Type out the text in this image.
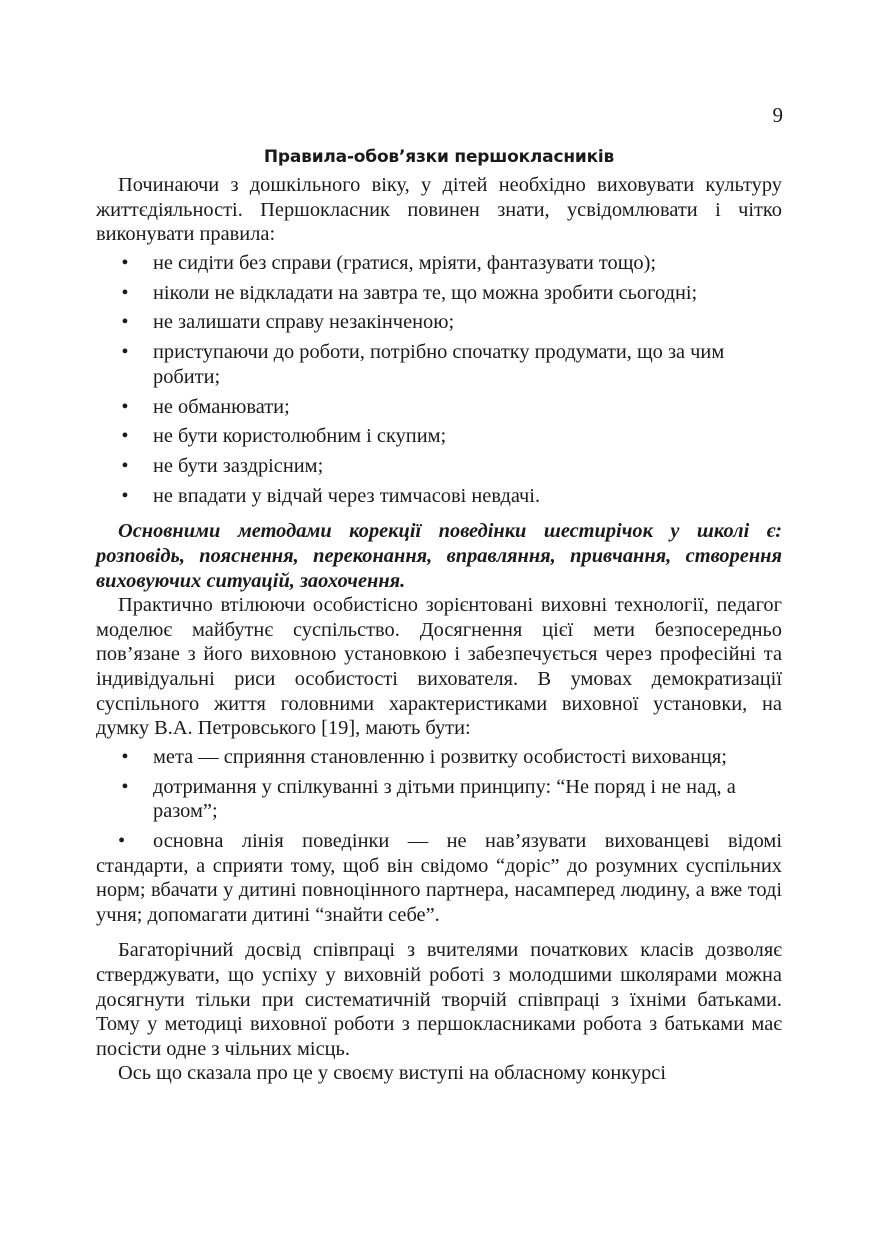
9
Правила-обов’язки першокласників

Починаючи з дошкільного віку, у дітей необхідно виховувати культуру життєдіяльності. Першокласник повинен знати, усвідомлювати і чітко виконувати правила:

• не сидіти без справи (гратися, мріяти, фантазувати тощо);
• ніколи не відкладати на завтра те, що можна зробити сьогодні;
• не залишати справу незакінченою;
• приступаючи до роботи, потрібно спочатку продумати, що за чим робити;
• не обманювати;
• не бути користолюбним і скупим;
• не бути заздрісним;
• не впадати у відчай через тимчасові невдачі.

Основними методами корекції поведінки шестирічок у школі є: розповідь, пояснення, переконання, вправляння, привчання, створення виховуючих ситуацій, заохочення.

Практично втілюючи особистісно зорієнтовані виховні технології, педагог моделює майбутнє суспільство. Досягнення цієї мети безпосередньо пов’язане з його виховною установкою і забезпечується через професійні та індивідуальні риси особистості вихователя. В умовах демократизації суспільного життя головними характеристиками виховної установки, на думку В.А. Петровського [19], мають бути:

• мета — сприяння становленню і розвитку особистості вихованця;
• дотримання у спілкуванні з дітьми принципу: “Не поряд і не над, а разом”;

• основна лінія поведінки — не нав’язувати вихованцеві відомі стандарти, а сприяти тому, щоб він свідомо “доріс” до розумних суспільних норм; вбачати у дитині повноцінного партнера, насамперед людину, а вже тоді учня; допомагати дитині “знайти себе”.

Багаторічний досвід співпраці з вчителями початкових класів дозволяє стверджувати, що успіху у виховній роботі з молодшими школярами можна досягнути тільки при систематичній творчій співпраці з їхніми батьками. Тому у методиці виховної роботи з першокласниками робота з батьками має посісти одне з чільних місць.

Ось що сказала про це у своєму виступі на обласному конкурсі
